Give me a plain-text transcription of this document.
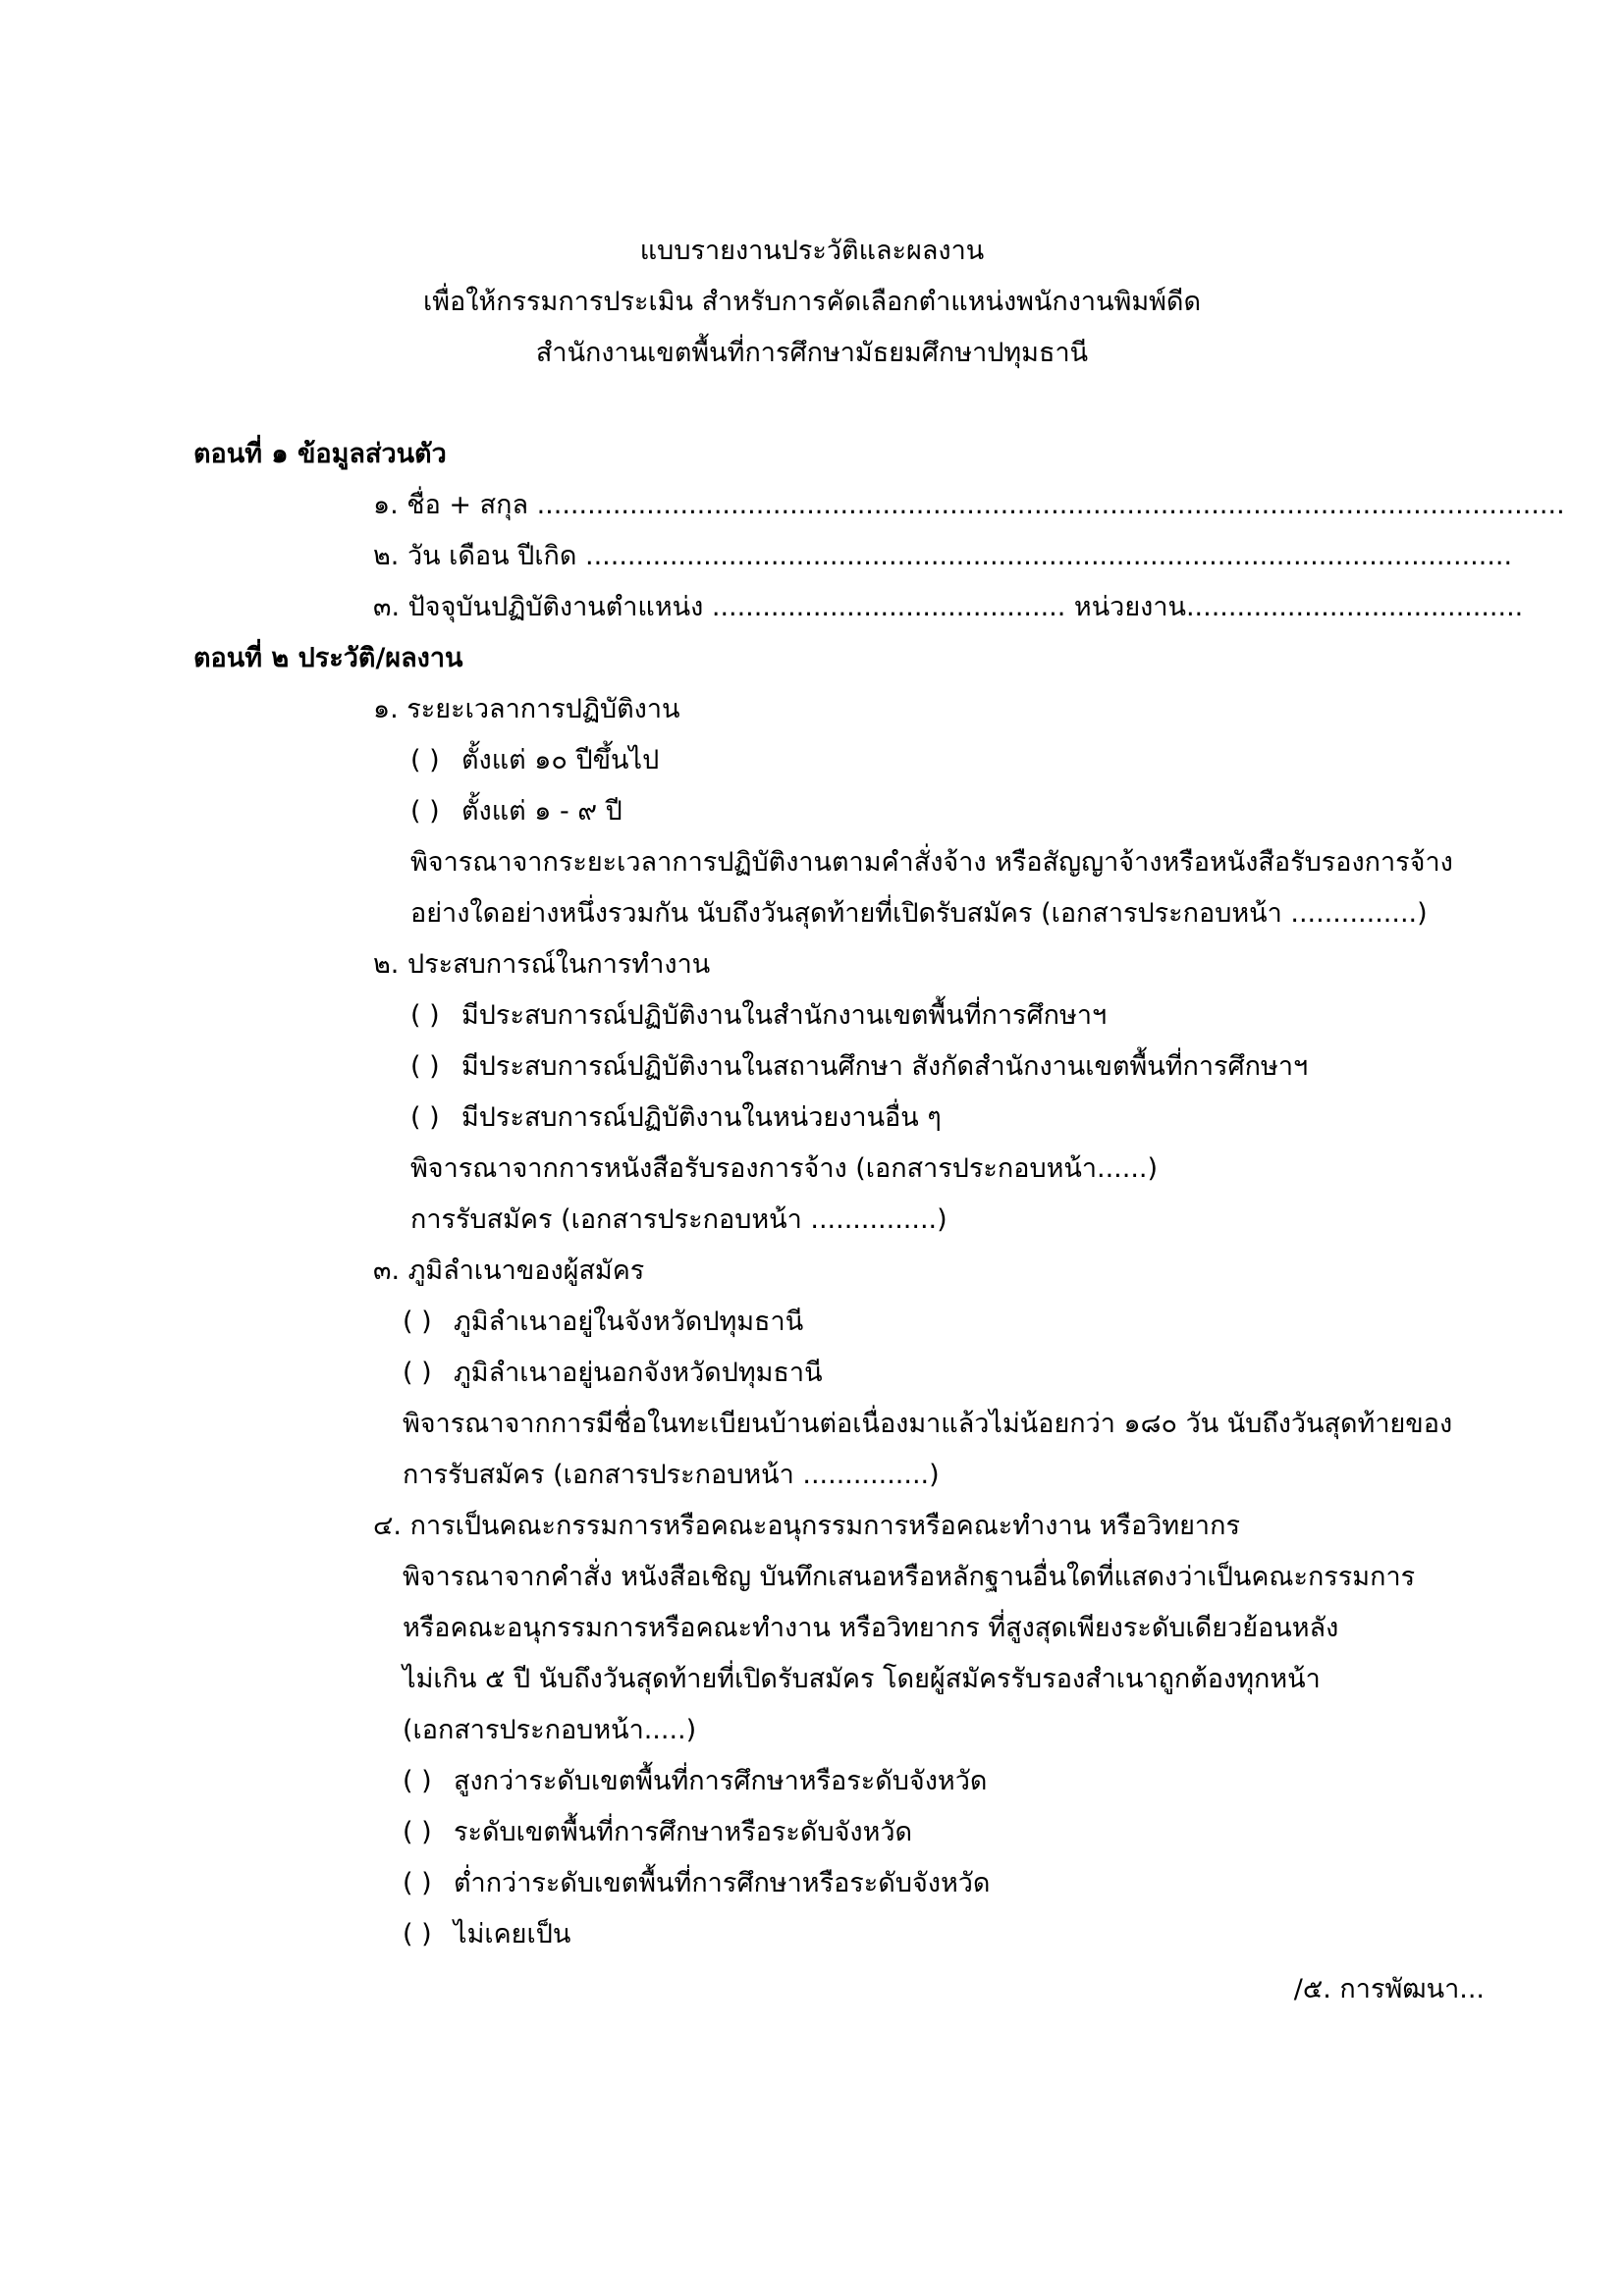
แบบรายงานประวัติและผลงาน
เพื่อให้กรรมการประเมิน สำหรับการคัดเลือกตำแหน่งพนักงานพิมพ์ดีด
สำนักงานเขตพื้นที่การศึกษามัธยมศึกษาปทุมธานี
ตอนที่ ๑ ข้อมูลส่วนตัว
๑. ชื่อ + สกุล ..........................................................................................................................
๒. วัน เดือน ปีเกิด ..............................................................................................................
๓. ปัจจุบันปฏิบัติงานตำแหน่ง .......................................... หน่วยงาน........................................
ตอนที่ ๒ ประวัติ/ผลงาน
๑. ระยะเวลาการปฏิบัติงาน
( ) ตั้งแต่ ๑๐ ปีขึ้นไป
( ) ตั้งแต่ ๑ - ๙ ปี
พิจารณาจากระยะเวลาการปฏิบัติงานตามคำสั่งจ้าง หรือสัญญาจ้างหรือหนังสือรับรองการจ้าง
อย่างใดอย่างหนึ่งรวมกัน นับถึงวันสุดท้ายที่เปิดรับสมัคร (เอกสารประกอบหน้า ...............)
๒. ประสบการณ์ในการทำงาน
( ) มีประสบการณ์ปฏิบัติงานในสำนักงานเขตพื้นที่การศึกษาฯ
( ) มีประสบการณ์ปฏิบัติงานในสถานศึกษา สังกัดสำนักงานเขตพื้นที่การศึกษาฯ
( ) มีประสบการณ์ปฏิบัติงานในหน่วยงานอื่น ๆ
พิจารณาจากการหนังสือรับรองการจ้าง (เอกสารประกอบหน้า......)
การรับสมัคร (เอกสารประกอบหน้า ...............)
๓. ภูมิลำเนาของผู้สมัคร
( ) ภูมิลำเนาอยู่ในจังหวัดปทุมธานี
( ) ภูมิลำเนาอยู่นอกจังหวัดปทุมธานี
พิจารณาจากการมีชื่อในทะเบียนบ้านต่อเนื่องมาแล้วไม่น้อยกว่า ๑๘๐ วัน นับถึงวันสุดท้ายของ
การรับสมัคร (เอกสารประกอบหน้า ...............)
๔. การเป็นคณะกรรมการหรือคณะอนุกรรมการหรือคณะทำงาน หรือวิทยากร
พิจารณาจากคำสั่ง หนังสือเชิญ บันทึกเสนอหรือหลักฐานอื่นใดที่แสดงว่าเป็นคณะกรรมการ
หรือคณะอนุกรรมการหรือคณะทำงาน หรือวิทยากร ที่สูงสุดเพียงระดับเดียวย้อนหลัง
ไม่เกิน ๕ ปี นับถึงวันสุดท้ายที่เปิดรับสมัคร โดยผู้สมัครรับรองสำเนาถูกต้องทุกหน้า
(เอกสารประกอบหน้า.....)
( ) สูงกว่าระดับเขตพื้นที่การศึกษาหรือระดับจังหวัด
( ) ระดับเขตพื้นที่การศึกษาหรือระดับจังหวัด
( ) ต่ำกว่าระดับเขตพื้นที่การศึกษาหรือระดับจังหวัด
( ) ไม่เคยเป็น
/๕. การพัฒนา...
